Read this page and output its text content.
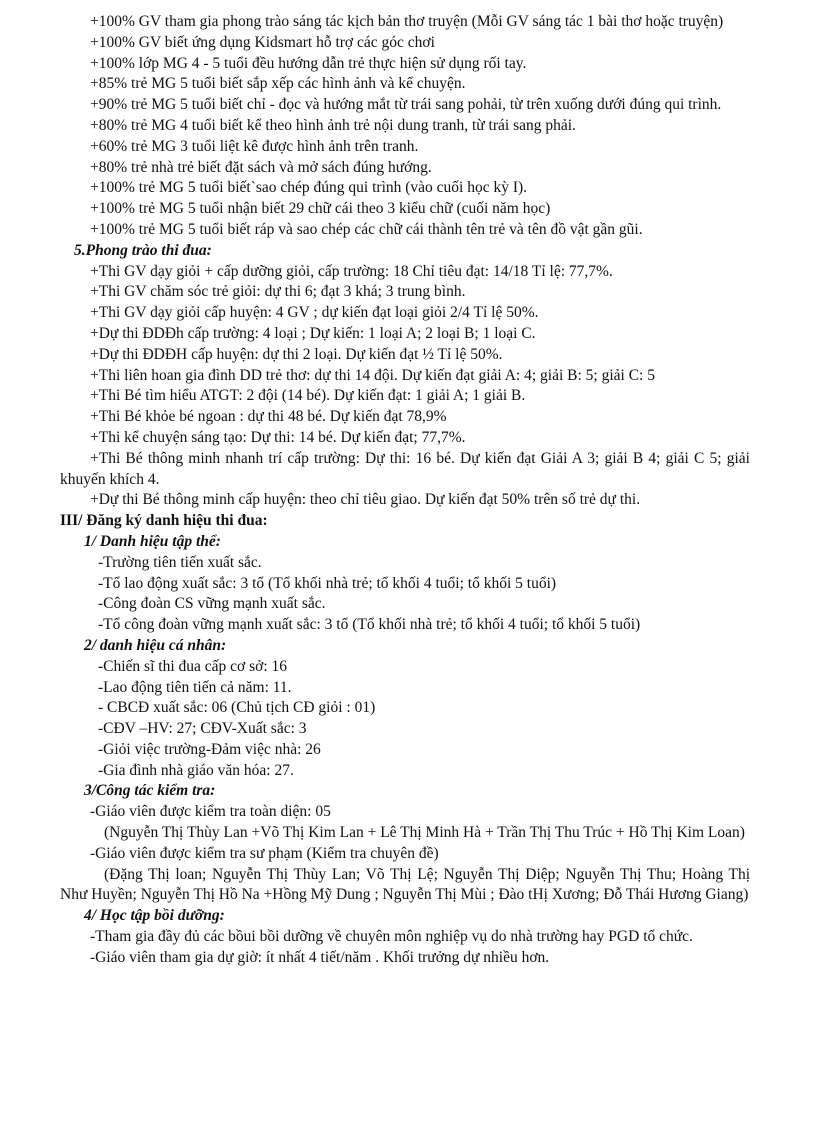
+100% GV tham gia phong trào sáng tác kịch bản thơ truyện (Mỗi GV sáng tác 1 bài thơ hoặc truyện)

+100% GV biết ứng dụng Kidsmart hỗ trợ các góc chơi

+100% lớp MG 4 - 5 tuổi đều hướng dẫn trẻ thực hiện sử dụng rối tay.

+85% trẻ MG 5 tuổi biết sắp xếp các hình ảnh và kể chuyện.

+90% trẻ MG 5 tuổi biết chỉ - đọc và hướng mắt từ trái sang pohải, từ trên xuống dưới đúng qui trình.

+80% trẻ MG 4 tuổi biết kể theo hình ảnh trẻ nội dung tranh, từ trái sang phải.

+60% trẻ MG 3 tuổi liệt kê được hình ảnh trên tranh.

+80% trẻ nhà trẻ biết đặt sách và mở sách đúng hướng.

+100% trẻ MG 5 tuổi biết`sao chép đúng qui trình (vào cuối học kỳ I).

+100% trẻ MG 5 tuổi nhận biết 29 chữ cái theo 3 kiểu chữ (cuối năm học)

+100% trẻ MG 5 tuổi biết ráp và sao chép các chữ cái thành tên trẻ và tên đồ vật gần gũi.

5.Phong trào thi đua:

+Thi GV dạy giỏi + cấp dưỡng giỏi, cấp trường: 18 Chỉ tiêu đạt: 14/18 Tỉ lệ: 77,7%.

+Thi GV chăm sóc trẻ giỏi: dự thi 6; đạt 3 khá; 3 trung bình.

+Thi GV dạy giỏi cấp huyện: 4 GV ; dự kiến đạt loại giỏi 2/4 Tỉ lệ 50%.

+Dự thi ĐDĐh cấp trường: 4 loại ; Dự kiến: 1 loại A; 2 loại B; 1 loại C.

+Dự thi ĐDĐH cấp huyện: dự thi 2 loại. Dự kiến đạt ½ Tỉ lệ 50%.

+Thi liên hoan gia đình DD trẻ thơ: dự thi 14 đội. Dự kiến đạt giải A: 4; giải B: 5; giải C: 5

+Thi Bé tìm hiểu ATGT: 2 đội (14 bé). Dự kiến đạt: 1 giải A; 1 giải B.

+Thi Bé khỏe bé ngoan : dự thi 48 bé. Dự kiến đạt 78,9%

+Thi kể chuyện sáng tạo: Dự thi: 14 bé. Dự kiến đạt; 77,7%.

+Thi Bé thông minh nhanh trí cấp trường: Dự thi: 16 bé. Dự kiến đạt Giải A 3; giải B 4; giải C 5; giải khuyến khích 4.

+Dự thi Bé thông minh cấp huyện: theo chỉ tiêu giao. Dự kiến đạt 50% trên số trẻ dự thi.

III/ Đăng ký danh hiệu thi đua:

1/ Danh hiệu tập thể:

-Trường tiên tiến xuất sắc.

-Tổ lao động xuất sắc: 3 tổ (Tổ khối nhà trẻ; tổ khối 4 tuổi; tổ khối 5 tuổi)

-Công đoàn CS vững mạnh xuất sắc.

-Tổ công đoàn vững mạnh xuất sắc: 3 tổ (Tổ khối nhà trẻ; tổ khối 4 tuổi; tổ khối 5 tuổi)

2/ danh hiệu cá nhân:

-Chiến sĩ thi đua cấp cơ sở: 16

-Lao động tiên tiến cả năm: 11.

- CBCĐ xuất sắc: 06 (Chủ tịch CĐ giỏi : 01)

-CĐV –HV: 27; CĐV-Xuất sắc: 3

-Giỏi việc trường-Đảm việc nhà: 26

-Gia đình nhà giáo văn hóa: 27.

3/Công tác kiểm tra:

-Giáo viên được kiểm tra toàn diện: 05

(Nguyễn Thị Thùy Lan +Võ Thị Kim Lan + Lê Thị Minh Hà + Trần Thị Thu Trúc + Hồ Thị Kim Loan)

-Giáo viên được kiểm tra sư phạm (Kiểm tra chuyên đề)

(Đặng Thị loan; Nguyễn Thị Thùy Lan; Võ Thị Lệ; Nguyễn Thị Diệp; Nguyễn Thị Thu; Hoàng Thị Như Huyền; Nguyễn Thị Hồ Na +Hồng Mỹ Dung ; Nguyễn Thị Mùi ; Đào tHị Xương; Đỗ Thái Hương Giang)

4/ Học tập bồi dưỡng:

-Tham gia đầy đủ các bồui bồi dưỡng về chuyên môn nghiệp vụ do nhà trường hay PGD tổ chức.

-Giáo viên tham gia dự giờ: ít nhất 4 tiết/năm . Khối trưởng dự nhiều hơn.
